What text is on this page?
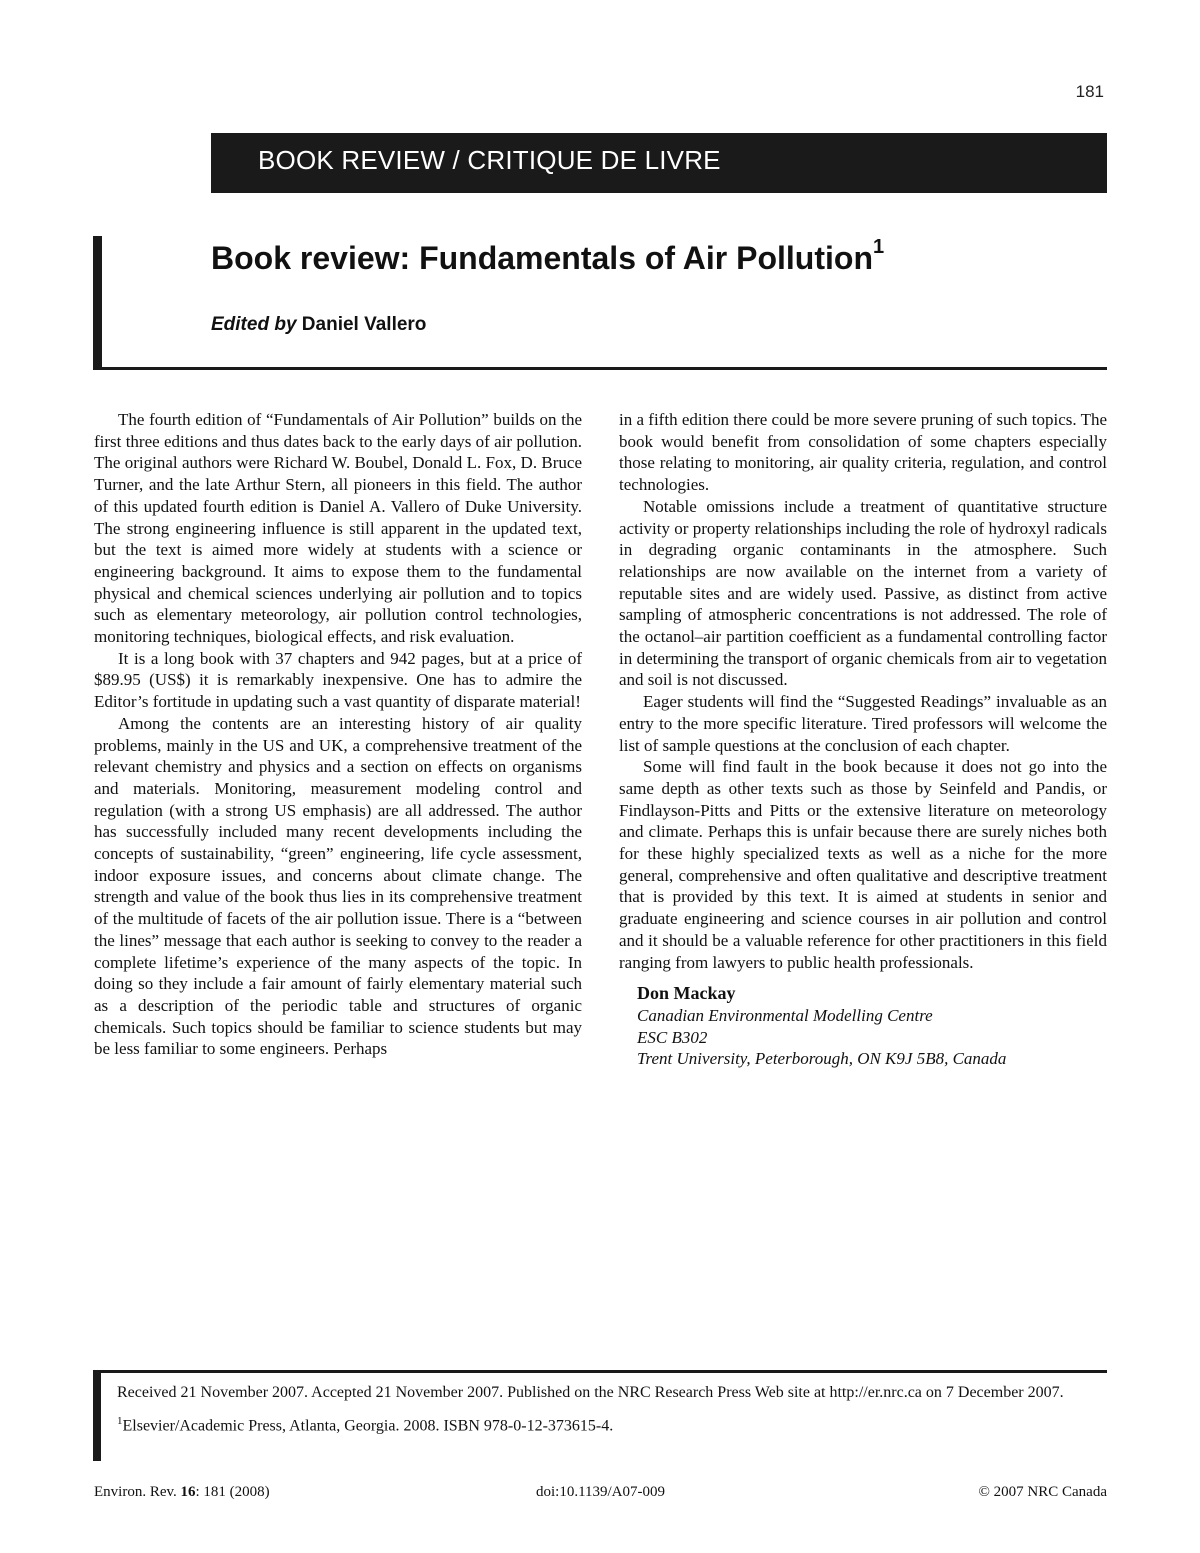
181
BOOK REVIEW / CRITIQUE DE LIVRE
Book review: Fundamentals of Air Pollution$^1$
Edited by Daniel Vallero

The fourth edition of “Fundamentals of Air Pollution” builds on the first three editions and thus dates back to the early days of air pollution. The original authors were Richard W. Boubel, Donald L. Fox, D. Bruce Turner, and the late Arthur Stern, all pioneers in this field. The author of this updated fourth edition is Daniel A. Vallero of Duke University. The strong engineering influence is still apparent in the updated text, but the text is aimed more widely at students with a science or engineering background. It aims to expose them to the fundamental physical and chemical sciences underlying air pollution and to topics such as elementary meteorology, air pollution control technologies, monitoring techniques, biological effects, and risk evaluation.

It is a long book with 37 chapters and 942 pages, but at a price of $89.95 (US$) it is remarkably inexpensive. One has to admire the Editor’s fortitude in updating such a vast quantity of disparate material!

Among the contents are an interesting history of air quality problems, mainly in the US and UK, a comprehensive treatment of the relevant chemistry and physics and a section on effects on organisms and materials. Monitoring, measurement modeling control and regulation (with a strong US emphasis) are all addressed. The author has successfully included many recent developments including the concepts of sustainability, “green” engineering, life cycle assessment, indoor exposure issues, and concerns about climate change. The strength and value of the book thus lies in its comprehensive treatment of the multitude of facets of the air pollution issue. There is a “between the lines” message that each author is seeking to convey to the reader a complete lifetime’s experience of the many aspects of the topic. In doing so they include a fair amount of fairly elementary material such as a description of the periodic table and structures of organic chemicals. Such topics should be familiar to science students but may be less familiar to some engineers. Perhaps

in a fifth edition there could be more severe pruning of such topics. The book would benefit from consolidation of some chapters especially those relating to monitoring, air quality criteria, regulation, and control technologies.

Notable omissions include a treatment of quantitative structure activity or property relationships including the role of hydroxyl radicals in degrading organic contaminants in the atmosphere. Such relationships are now available on the internet from a variety of reputable sites and are widely used. Passive, as distinct from active sampling of atmospheric concentrations is not addressed. The role of the octanol–air partition coefficient as a fundamental controlling factor in determining the transport of organic chemicals from air to vegetation and soil is not discussed.

Eager students will find the “Suggested Readings” invaluable as an entry to the more specific literature. Tired professors will welcome the list of sample questions at the conclusion of each chapter.

Some will find fault in the book because it does not go into the same depth as other texts such as those by Seinfeld and Pandis, or Findlayson-Pitts and Pitts or the extensive literature on meteorology and climate. Perhaps this is unfair because there are surely niches both for these highly specialized texts as well as a niche for the more general, comprehensive and often qualitative and descriptive treatment that is provided by this text. It is aimed at students in senior and graduate engineering and science courses in air pollution and control and it should be a valuable reference for other practitioners in this field ranging from lawyers to public health professionals.

Don Mackay
Canadian Environmental Modelling Centre
ESC B302
Trent University, Peterborough, ON K9J 5B8, Canada

Received 21 November 2007. Accepted 21 November 2007. Published on the NRC Research Press Web site at http://er.nrc.ca on 7 December 2007.

$^1$Elsevier/Academic Press, Atlanta, Georgia. 2008. ISBN 978-0-12-373615-4.

Environ. Rev. 16: 181 (2008)	doi:10.1139/A07-009	© 2007 NRC Canada
